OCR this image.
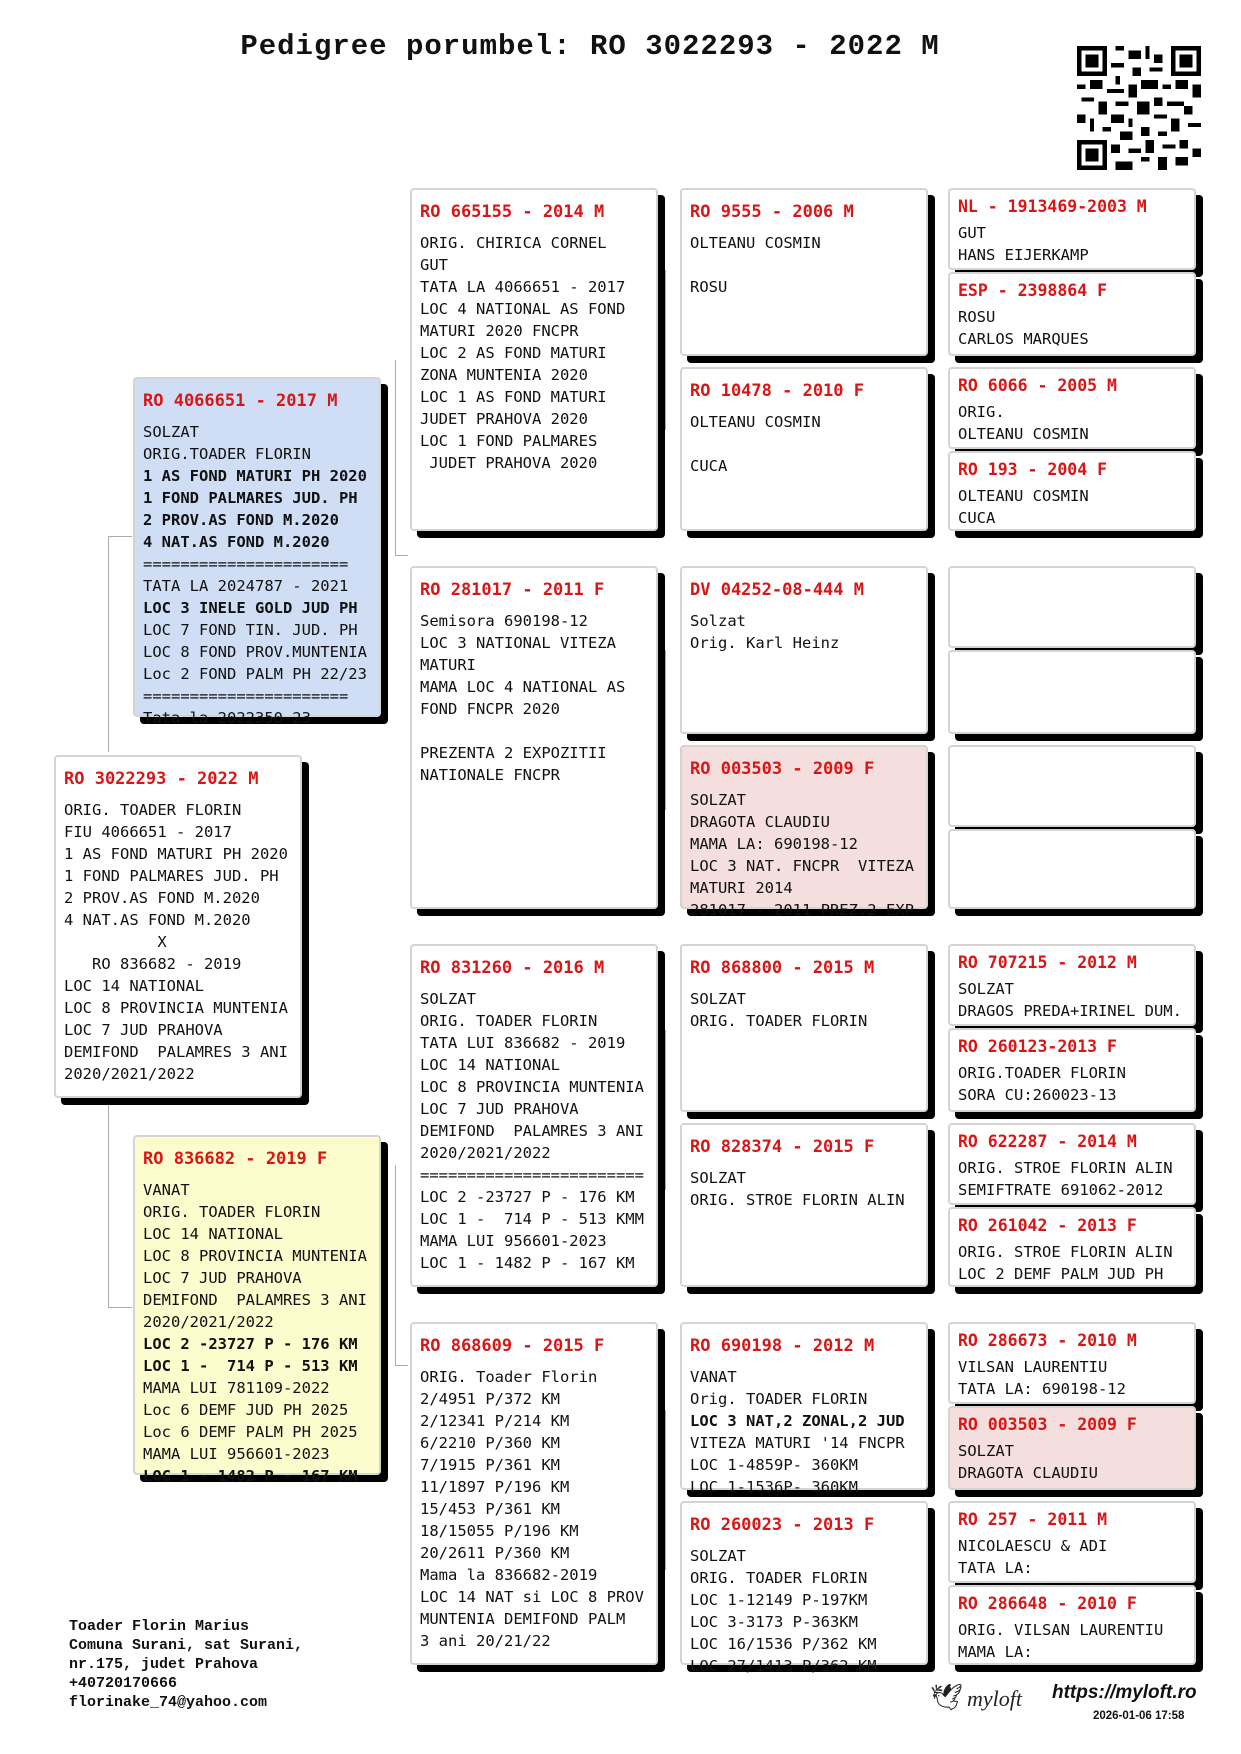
Pedigree porumbel: RO 3022293 - 2022 M
RO 3022293 - 2022 M
ORIG. TOADER FLORIN
FIU 4066651 - 2017
1 AS FOND MATURI PH 2020
1 FOND PALMARES JUD. PH
2 PROV.AS FOND M.2020
4 NAT.AS FOND M.2020
X
RO 836682 - 2019
LOC 14 NATIONAL
LOC 8 PROVINCIA MUNTENIA
LOC 7 JUD PRAHOVA
DEMIFOND  PALAMRES 3 ANI
2020/2021/2022
RO 4066651 - 2017 M
SOLZAT
ORIG.TOADER FLORIN
1 AS FOND MATURI PH 2020
1 FOND PALMARES JUD. PH
2 PROV.AS FOND M.2020
4 NAT.AS FOND M.2020
======================
TATA LA 2024787 - 2021
LOC 3 INELE GOLD JUD PH
LOC 7 FOND TIN. JUD. PH
LOC 8 FOND PROV.MUNTENIA
Loc 2 FOND PALM PH 22/23
======================
Tata la 2022350-23
RO 836682 - 2019 F
VANAT
ORIG. TOADER FLORIN
LOC 14 NATIONAL
LOC 8 PROVINCIA MUNTENIA
LOC 7 JUD PRAHOVA
DEMIFOND  PALAMRES 3 ANI
2020/2021/2022
LOC 2 -23727 P - 176 KM
LOC 1 -  714 P - 513 KM
MAMA LUI 781109-2022
Loc 6 DEMF JUD PH 2025
Loc 6 DEMF PALM PH 2025
MAMA LUI 956601-2023
LOC 1 - 1482 P - 167 KM
RO 665155 - 2014 M
ORIG. CHIRICA CORNEL
GUT
TATA LA 4066651 - 2017
LOC 4 NATIONAL AS FOND
MATURI 2020 FNCPR
LOC 2 AS FOND MATURI
ZONA MUNTENIA 2020
LOC 1 AS FOND MATURI
JUDET PRAHOVA 2020
LOC 1 FOND PALMARES
JUDET PRAHOVA 2020
RO 281017 - 2011 F
Semisora 690198-12
LOC 3 NATIONAL VITEZA
MATURI
MAMA LOC 4 NATIONAL AS
FOND FNCPR 2020
PREZENTA 2 EXPOZITII
NATIONALE FNCPR
RO 831260 - 2016 M
SOLZAT
ORIG. TOADER FLORIN
TATA LUI 836682 - 2019
LOC 14 NATIONAL
LOC 8 PROVINCIA MUNTENIA
LOC 7 JUD PRAHOVA
DEMIFOND  PALAMRES 3 ANI
2020/2021/2022
========================
LOC 2 -23727 P - 176 KM
LOC 1 -  714 P - 513 KMM
MAMA LUI 956601-2023
LOC 1 - 1482 P - 167 KM
RO 868609 - 2015 F
ORIG. Toader Florin
2/4951 P/372 KM
2/12341 P/214 KM
6/2210 P/360 KM
7/1915 P/361 KM
11/1897 P/196 KM
15/453 P/361 KM
18/15055 P/196 KM
20/2611 P/360 KM
Mama la 836682-2019
LOC 14 NAT si LOC 8 PROV
MUNTENIA DEMIFOND PALM
3 ani 20/21/22
RO 9555 - 2006 M
OLTEANU COSMIN
ROSU
RO 10478 - 2010 F
OLTEANU COSMIN
CUCA
DV 04252-08-444 M
Solzat
Orig. Karl Heinz
RO 003503 - 2009 F
SOLZAT
DRAGOTA CLAUDIU
MAMA LA: 690198-12
LOC 3 NAT. FNCPR  VITEZA
MATURI 2014
281017 - 2011 PREZ.2 EXP
RO 868800 - 2015 M
SOLZAT
ORIG. TOADER FLORIN
RO 828374 - 2015 F
SOLZAT
ORIG. STROE FLORIN ALIN
RO 690198 - 2012 M
VANAT
Orig. TOADER FLORIN
LOC 3 NAT,2 ZONAL,2 JUD
VITEZA MATURI '14 FNCPR
LOC 1-4859P- 360KM
LOC 1-1536P- 360KM
RO 260023 - 2013 F
SOLZAT
ORIG. TOADER FLORIN
LOC 1-12149 P-197KM
LOC 3-3173 P-363KM
LOC 16/1536 P/362 KM
LOC 27/1413 P/362 KM
NL - 1913469-2003 M
GUT
HANS EIJERKAMP
ESP - 2398864 F
ROSU
CARLOS MARQUES
RO 6066 - 2005 M
ORIG.
OLTEANU COSMIN
RO 193 - 2004 F
OLTEANU COSMIN
CUCA
RO 707215 - 2012 M
SOLZAT
DRAGOS PREDA+IRINEL DUM.
RO 260123-2013 F
ORIG.TOADER FLORIN
SORA CU:260023-13
RO 622287 - 2014 M
ORIG. STROE FLORIN ALIN
SEMIFTRATE 691062-2012
RO 261042 - 2013 F
ORIG. STROE FLORIN ALIN
LOC 2 DEMF PALM JUD PH
RO 286673 - 2010 M
VILSAN LAURENTIU
TATA LA: 690198-12
RO 003503 - 2009 F
SOLZAT
DRAGOTA CLAUDIU
RO 257 - 2011 M
NICOLAESCU & ADI
TATA LA:
RO 286648 - 2010 F
ORIG. VILSAN LAURENTIU
MAMA LA:
Toader Florin Marius
Comuna Surani, sat Surani,
nr.175, judet Prahova
+40720170666
florinake_74@yahoo.com	🕊 myloft https://myloft.ro
2026-01-06 17:58
